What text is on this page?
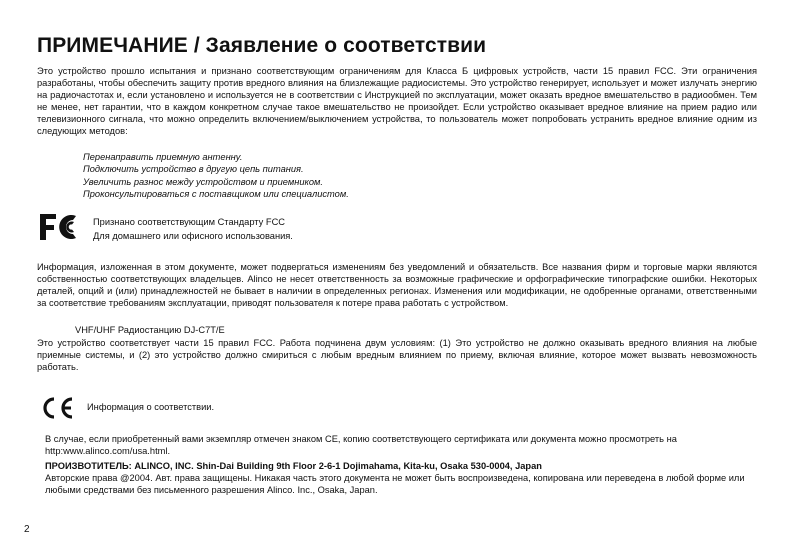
ПРИМЕЧАНИЕ / Заявление о соответствии

Это устройство прошло испытания и признано соответствующим ограничениям для Класса Б цифровых устройств, части 15 правил FCC. Эти ограничения разработаны, чтобы обеспечить защиту против вредного влияния на близлежащие радиосистемы. Это устройство генерирует, использует и может излучать энергию на радиочастотах и, если установлено и используется не в соответствии с Инструкцией по эксплуатации, может оказать вредное вмешательство в радиообмен. Тем не менее, нет гарантии, что в каждом конкретном случае такое вмешательство не произойдет. Если устройство оказывает вредное влияние на прием радио или телевизионного сигнала, что можно определить включением/выключением устройства, то пользователь может попробовать устранить вредное влияние одним из следующих методов:

Перенаправить приемную антенну.
Подключить устройство в другую цепь питания.
Увеличить разнос между устройством и приемником.
Проконсультироваться с поставщиком или специалистом.
Признано соответствующим Стандарту FCC
Для домашнего или офисного использования.

Информация, изложенная в этом документе, может подвергаться изменениям без уведомлений и обязательств. Все названия фирм и торговые марки являются собственностью соответствующих владельцев. Alinco не несет ответственность за возможные графические и орфографические типографские ошибки. Некоторых деталей, опций и (или) принадлежностей не бывает в наличии в определенных регионах. Изменения или модификации, не одобренные органами, ответственными за соответствие требованиям эксплуатации, приводят пользователя к потере права работать с устройством.

VHF/UHF Радиостанцию DJ-C7T/E

Это устройство соответствует части 15 правил FCC. Работа подчинена двум условиям: (1) Это устройство не должно оказывать вредного влияния на любые приемные системы, и (2) это устройство должно смириться с любым вредным влиянием по приему, включая влияние, которое может вызвать невозможность работать.

Информация о соответствии.

В случае, если приобретенный вами экземпляр отмечен знаком CE, копию соответствующего сертификата или документа можно просмотреть на http:www.alinco.com/usa.html.

ПРОИЗВОТИТЕЛЬ: ALINCO, INC. Shin-Dai Building 9th Floor 2-6-1 Dojimahama, Kita-ku, Osaka 530-0004, Japan

Авторские права @2004. Авт. права защищены. Никакая часть этого документа не может быть воспроизведена, копирована или переведена в любой форме или любыми средствами без письменного разрешения Alinco. Inc., Osaka, Japan.

2
